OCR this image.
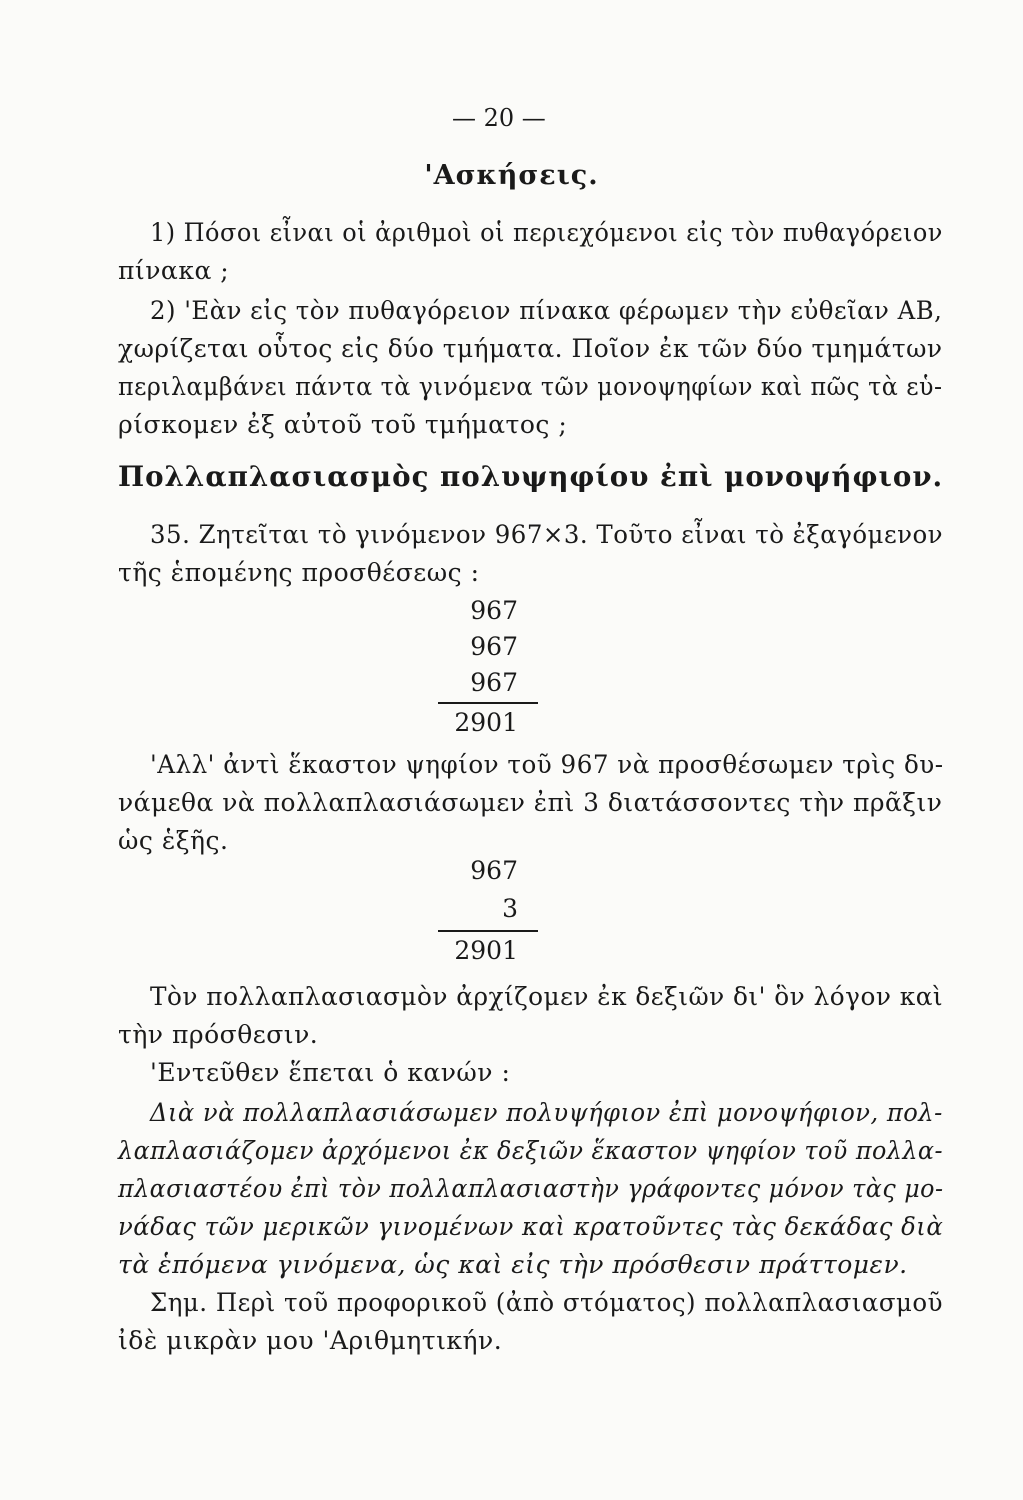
— 20 —
'Ασκήσεις.
1) Πόσοι εἶναι οἱ ἀριθμοὶ οἱ περιεχόμενοι εἰς τὸν πυθαγόρειον
πίνακα ;
2) 'Εὰν εἰς τὸν πυθαγόρειον πίνακα φέρωμεν τὴν εὐθεῖαν ΑΒ,
χωρίζεται οὗτος εἰς δύο τμήματα. Ποῖον ἐκ τῶν δύο τμημάτων
περιλαμβάνει πάντα τὰ γινόμενα τῶν μονοψηφίων καὶ πῶς τὰ εὑ-
ρίσκομεν ἐξ αὐτοῦ τοῦ τμήματος ;
Πολλαπλασιασμὸς πολυψηφίου ἐπὶ μονοψήφιον.
35. Ζητεῖται τὸ γινόμενον 967×3. Τοῦτο εἶναι τὸ ἐξαγόμενον
τῆς ἑπομένης προσθέσεως :
967
967
967
2901
'Αλλ' ἀντὶ ἕκαστον ψηφίον τοῦ 967 νὰ προσθέσωμεν τρὶς δυ-
νάμεθα νὰ πολλαπλασιάσωμεν ἐπὶ 3 διατάσσοντες τὴν πρᾶξιν
ὡς ἑξῆς.
967
3
2901
Τὸν πολλαπλασιασμὸν ἀρχίζομεν ἐκ δεξιῶν δι' ὃν λόγον καὶ
τὴν πρόσθεσιν.
'Εντεῦθεν ἕπεται ὁ κανών :
Διὰ νὰ πολλαπλασιάσωμεν πολυψήφιον ἐπὶ μονοψήφιον, πολ-
λαπλασιάζομεν ἀρχόμενοι ἐκ δεξιῶν ἕκαστον ψηφίον τοῦ πολλα-
πλασιαστέου ἐπὶ τὸν πολλαπλασιαστὴν γράφοντες μόνον τὰς μο-
νάδας τῶν μερικῶν γινομένων καὶ κρατοῦντες τὰς δεκάδας διὰ
τὰ ἑπόμενα γινόμενα, ὡς καὶ εἰς τὴν πρόσθεσιν πράττομεν.
Σημ. Περὶ τοῦ προφορικοῦ (ἀπὸ στόματος) πολλαπλασιασμοῦ
ἰδὲ μικρὰν μου 'Αριθμητικήν.
